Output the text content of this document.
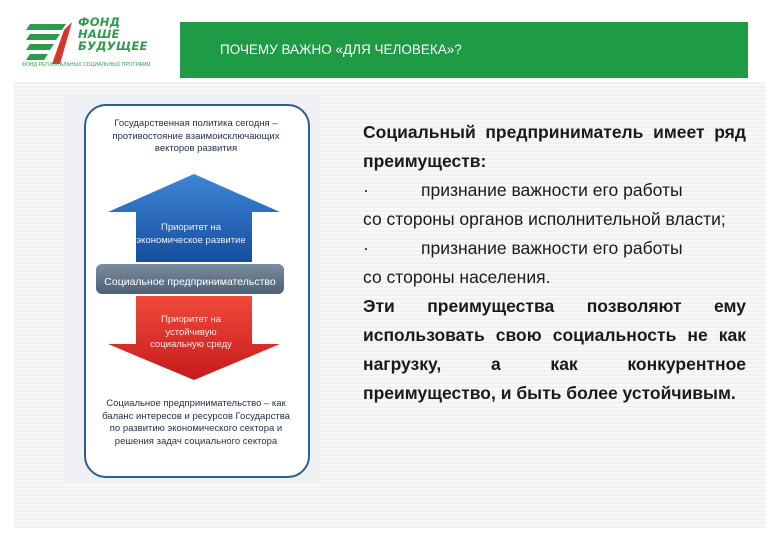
ФОНД
НАШЕ
БУДУЩЕЕ
ФОНД РЕГИОНАЛЬНЫХ СОЦИАЛЬНЫХ ПРОГРАММ
ПОЧЕМУ ВАЖНО «ДЛЯ ЧЕЛОВЕКА»?
Государственная политика сегодня – противостояние взаимоисключающих векторов развития
Приоритет на экономическое развитие
Социальное предпринимательство
Приоритет на устойчивую социальную среду
Социальное предпринимательство – как баланс интересов и ресурсов Государства по развитию экономического сектора и решения задач социального сектора

Социальный предприниматель имеет ряд преимуществ:

·	признание важности его работы

со стороны органов исполнительной власти;

·	признание важности его работы

со стороны населения.

Эти преимущества позволяют ему использовать свою социальность не как нагрузку, а как конкурентное преимущество, и быть более устойчивым.
